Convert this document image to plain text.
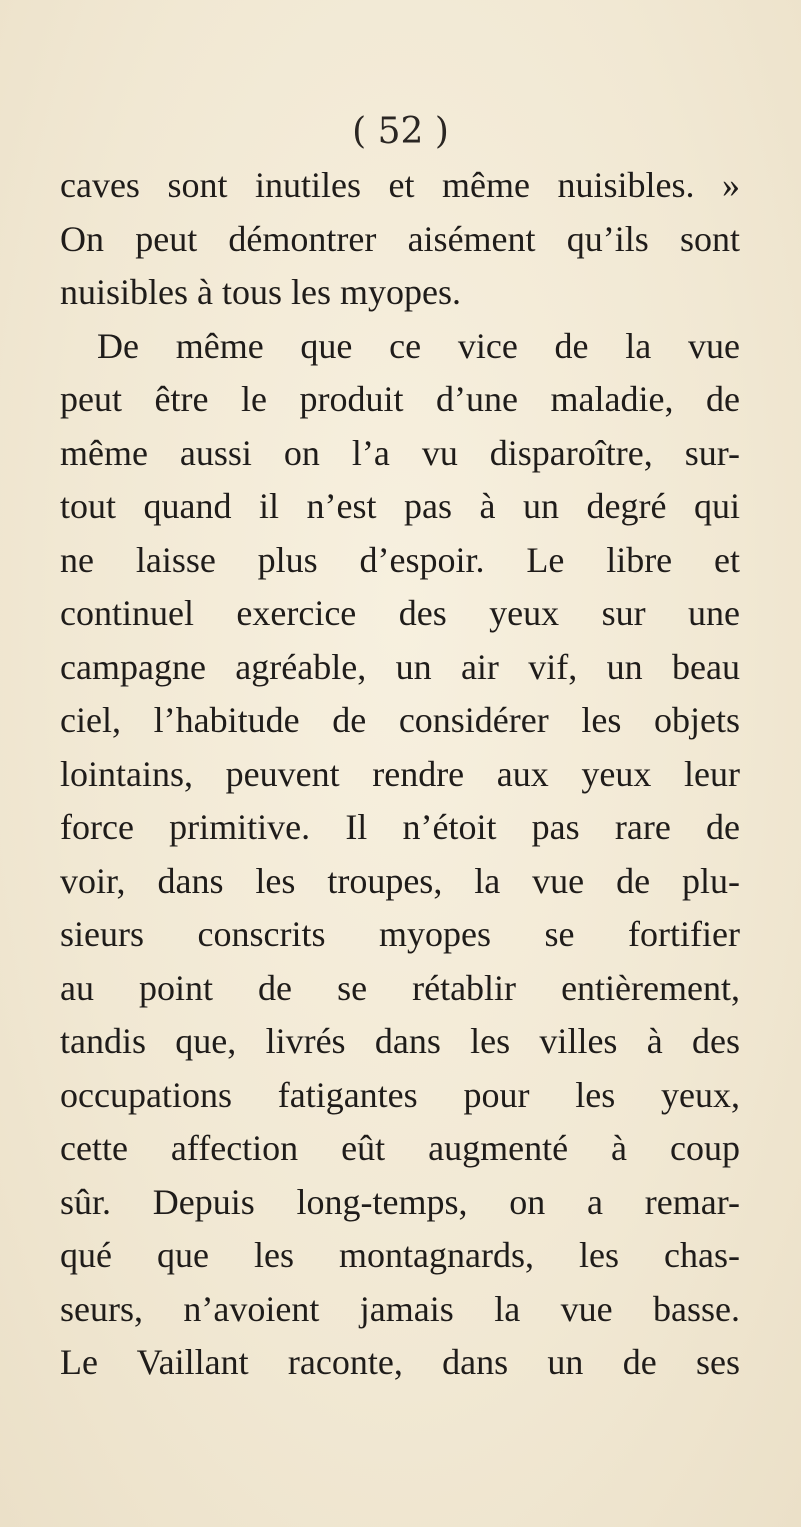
( 52 )
caves sont inutiles et même nuisibles. »
On peut démontrer aisément qu’ils sont
nuisibles à tous les myopes.
De même que ce vice de la vue
peut être le produit d’une maladie, de
même aussi on l’a vu disparoître, sur-
tout quand il n’est pas à un degré qui
ne laisse plus d’espoir. Le libre et
continuel exercice des yeux sur une
campagne agréable, un air vif, un beau
ciel, l’habitude de considérer les objets
lointains, peuvent rendre aux yeux leur
force primitive. Il n’étoit pas rare de
voir, dans les troupes, la vue de plu-
sieurs conscrits myopes se fortifier
au point de se rétablir entièrement,
tandis que, livrés dans les villes à des
occupations fatigantes pour les yeux,
cette affection eût augmenté à coup
sûr. Depuis long-temps, on a remar-
qué que les montagnards, les chas-
seurs, n’avoient jamais la vue basse.
Le Vaillant raconte, dans un de ses
